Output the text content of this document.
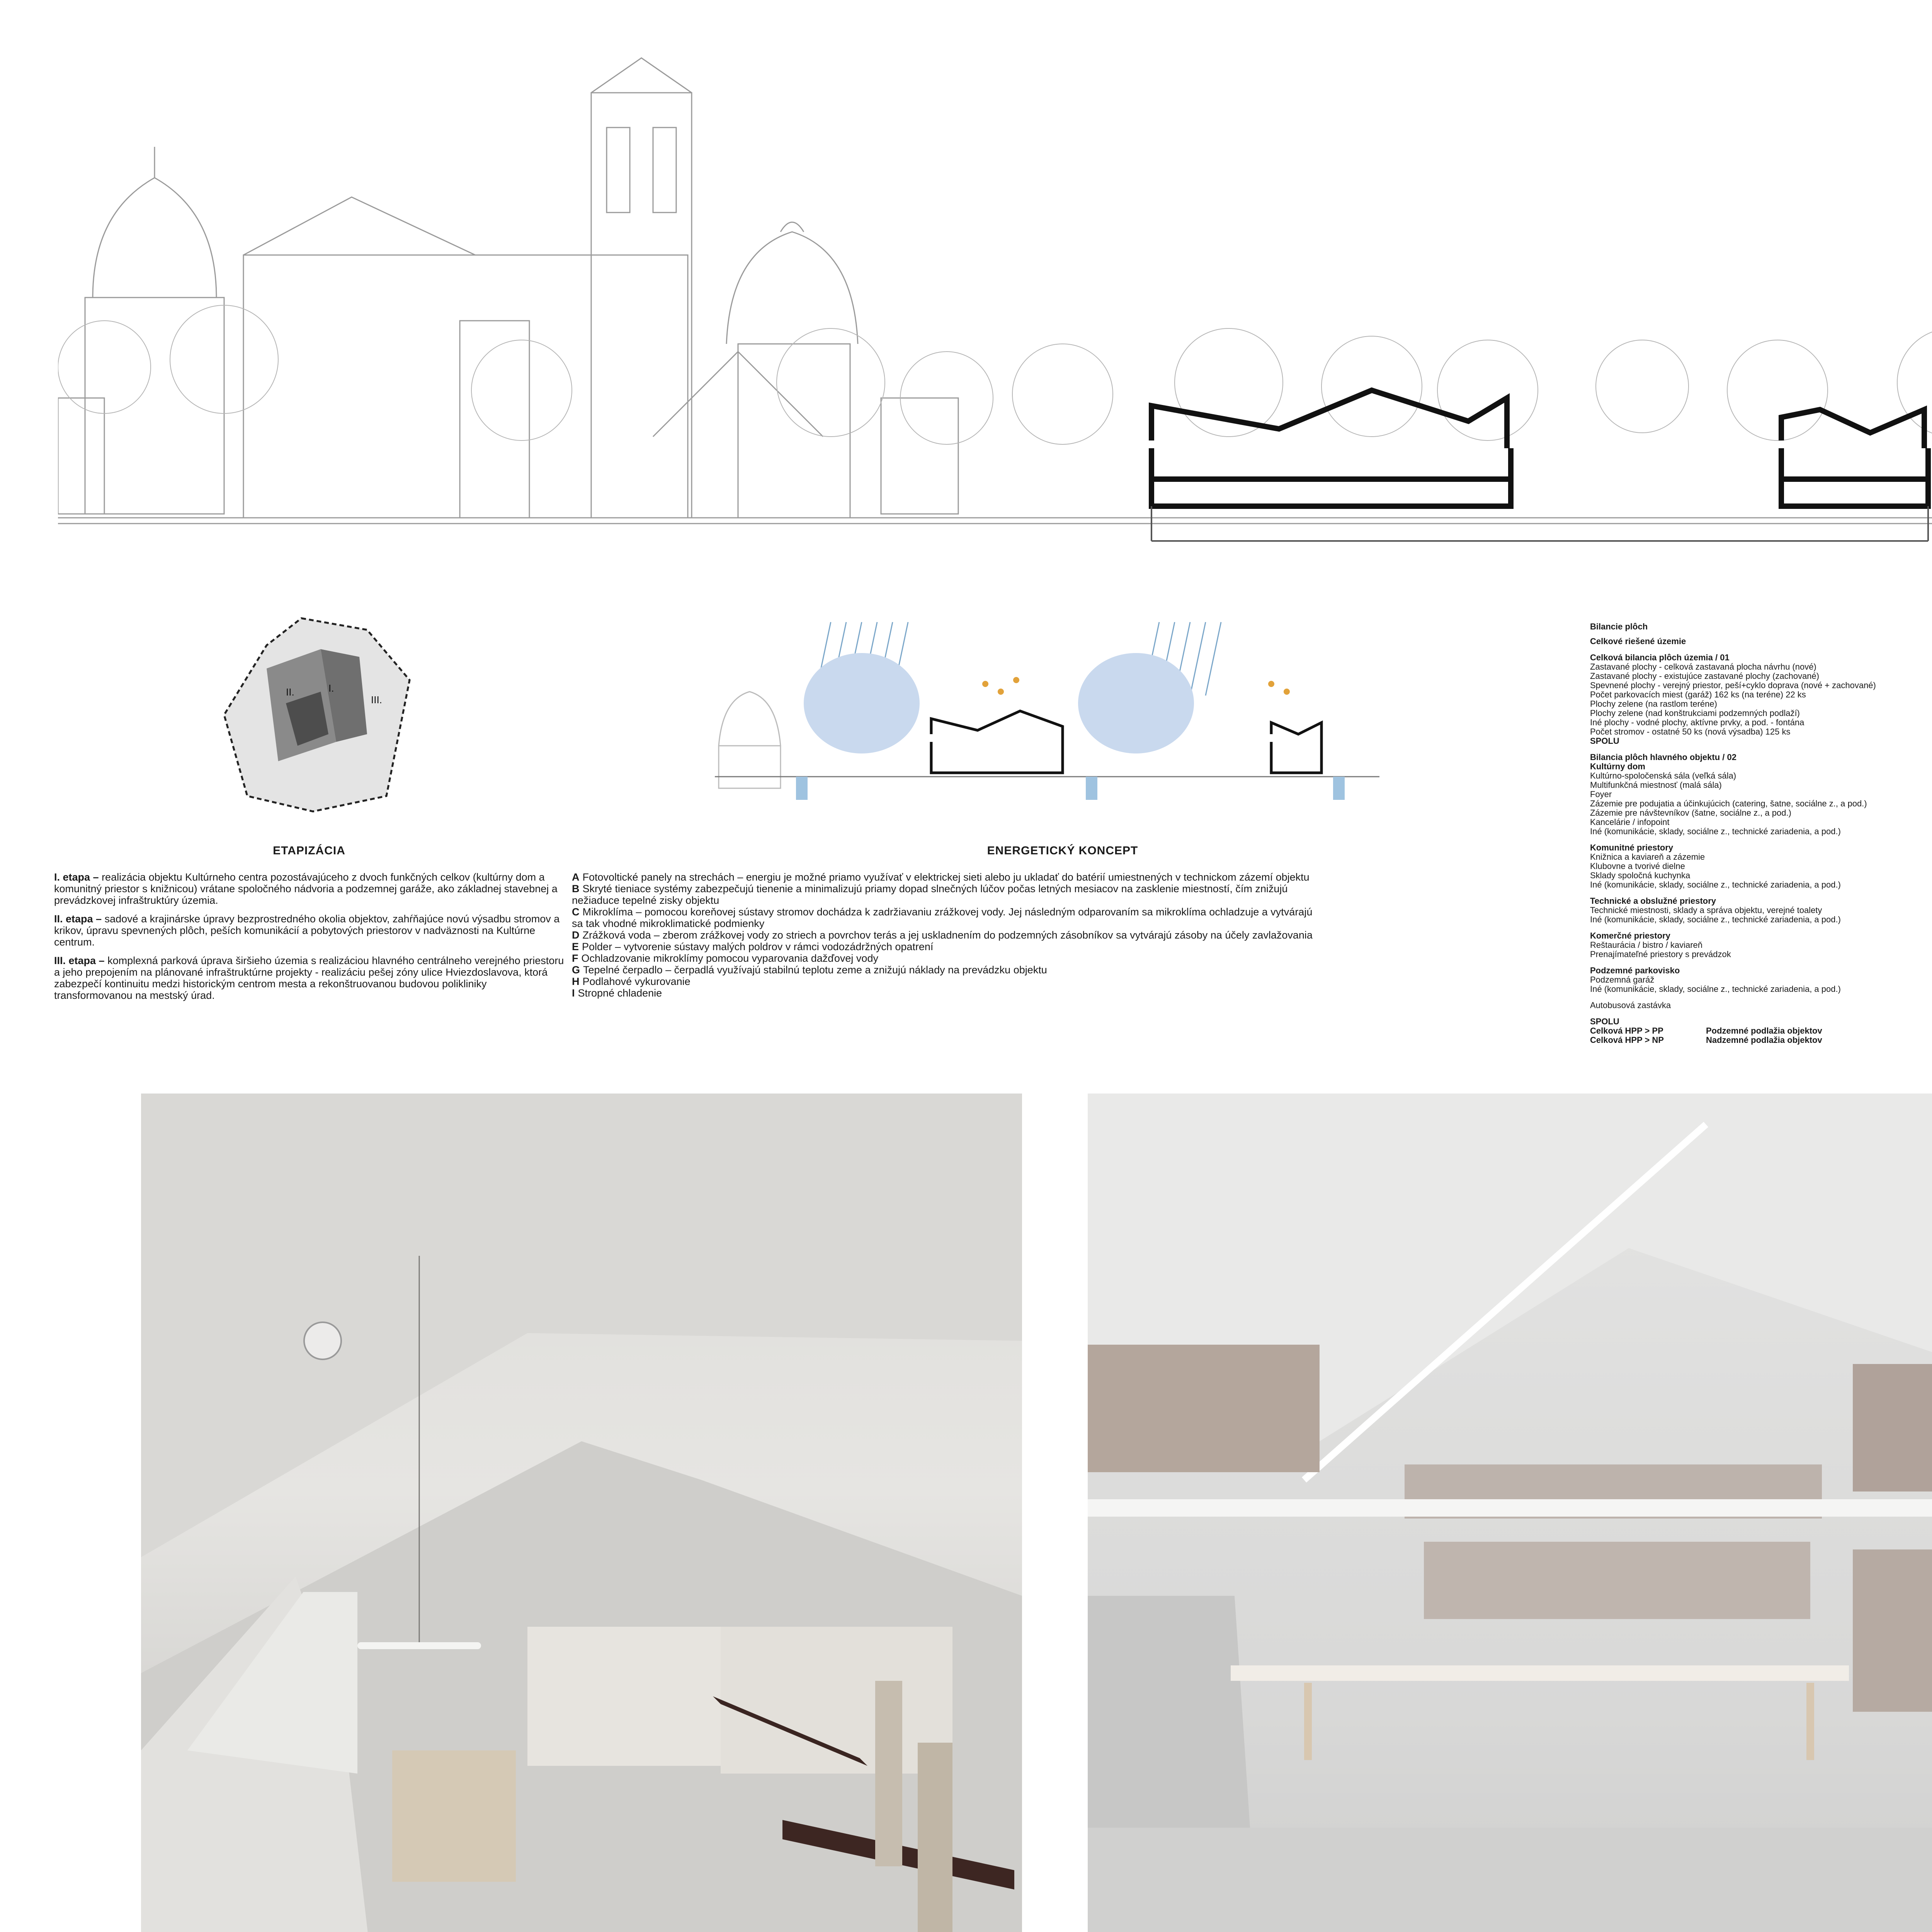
II.	I.
III.
ETAPIZÁCIA

I. etapa – realizácia objektu Kultúrneho centra pozostávajúceho z dvoch funkčných celkov (kultúrny dom a komunitný priestor s knižnicou) vrátane spoločného nádvoria a podzemnej garáže, ako základnej stavebnej a prevádzkovej infraštruktúry územia.

II. etapa – sadové a krajinárske úpravy bezprostredného okolia objektov, zahŕňajúce novú výsadbu stromov a krikov, úpravu spevnených plôch, peších komunikácií a pobytových priestorov v nadväznosti na Kultúrne centrum.

III. etapa – komplexná parková úprava širšieho územia s realizáciou hlavného centrálneho verejného priestoru a jeho prepojením na plánované infraštruktúrne projekty - realizáciu pešej zóny ulice Hviezdoslavova, ktorá zabezpečí kontinuitu medzi historickým centrom mesta a rekonštruovanou budovou polikliniky transformovanou na mestský úrad.

ENERGETICKÝ KONCEPT
A Fotovoltické panely na strechách – energiu je možné priamo využívať v elektrickej sieti alebo ju ukladať do batérií umiestnených v technickom zázemí objektu
B Skryté tieniace systémy zabezpečujú tienenie a minimalizujú priamy dopad slnečných lúčov počas letných mesiacov na zasklenie miestností, čím znižujú
nežiaduce tepelné zisky objektu
C Mikroklíma – pomocou koreňovej sústavy stromov dochádza k zadržiavaniu zrážkovej vody. Jej následným odparovaním sa mikroklíma ochladzuje a vytvárajú
sa tak vhodné mikroklimatické podmienky
D Zrážková voda – zberom zrážkovej vody zo striech a povrchov terás a jej uskladnením do podzemných zásobníkov sa vytvárajú zásoby na účely zavlažovania
E Polder – vytvorenie sústavy malých poldrov v rámci vodozádržných opatrení
F Ochladzovanie mikroklímy pomocou vyparovania dažďovej vody
G Tepelné čerpadlo – čerpadlá využívajú stabilnú teplotu zeme a znižujú náklady na prevádzku objektu
H Podlahové vykurovanie
I Stropné chladenie
Bilancie plôch
Celkové riešené územie
Celková bilancia plôch územia / 01
Zastavané plochy - celková zastavaná plocha návrhu (nové)
Zastavané plochy - existujúce zastavané plochy (zachované)
Spevnené plochy - verejný priestor, peší+cyklo doprava (nové + zachované)
Počet parkovacích miest (garáž) 162 ks (na teréne) 22 ks
Plochy zelene (na rastlom teréne)
Plochy zelene (nad konštrukciami podzemných podlaží)
Iné plochy - vodné plochy, aktívne prvky, a pod. - fontána
Počet stromov - ostatné 50 ks (nová výsadba) 125 ks
SPOLU
Bilancia plôch hlavného objektu / 02
Kultúrny dom
Kultúrno-spoločenská sála (veľká sála)
Multifunkčná miestnosť (malá sála)
Foyer
Zázemie pre podujatia a účinkujúcich (catering, šatne, sociálne z., a pod.)
Zázemie pre návštevníkov (šatne, sociálne z., a pod.)
Kancelárie / infopoint
Iné (komunikácie, sklady, sociálne z., technické zariadenia, a pod.)
Komunitné priestory
Knižnica a kaviareň a zázemie
Klubovne a tvorivé dielne
Sklady spoločná kuchynka
Iné (komunikácie, sklady, sociálne z., technické zariadenia, a pod.)
Technické a obslužné priestory
Technické miestnosti, sklady a správa objektu, verejné toalety
Iné (komunikácie, sklady, sociálne z., technické zariadenia, a pod.)
Komerčné priestory
Reštaurácia / bistro / kaviareň
Prenajímateľné priestory s prevádzok
Podzemné parkovisko
Podzemná garáž
Iné (komunikácie, sklady, sociálne z., technické zariadenia, a pod.)
Autobusová zastávka
SPOLU
Celková HPP > PP	Podzemné podlažia objektov
Celková HPP > NP	Nadzemné podlažia objektov
